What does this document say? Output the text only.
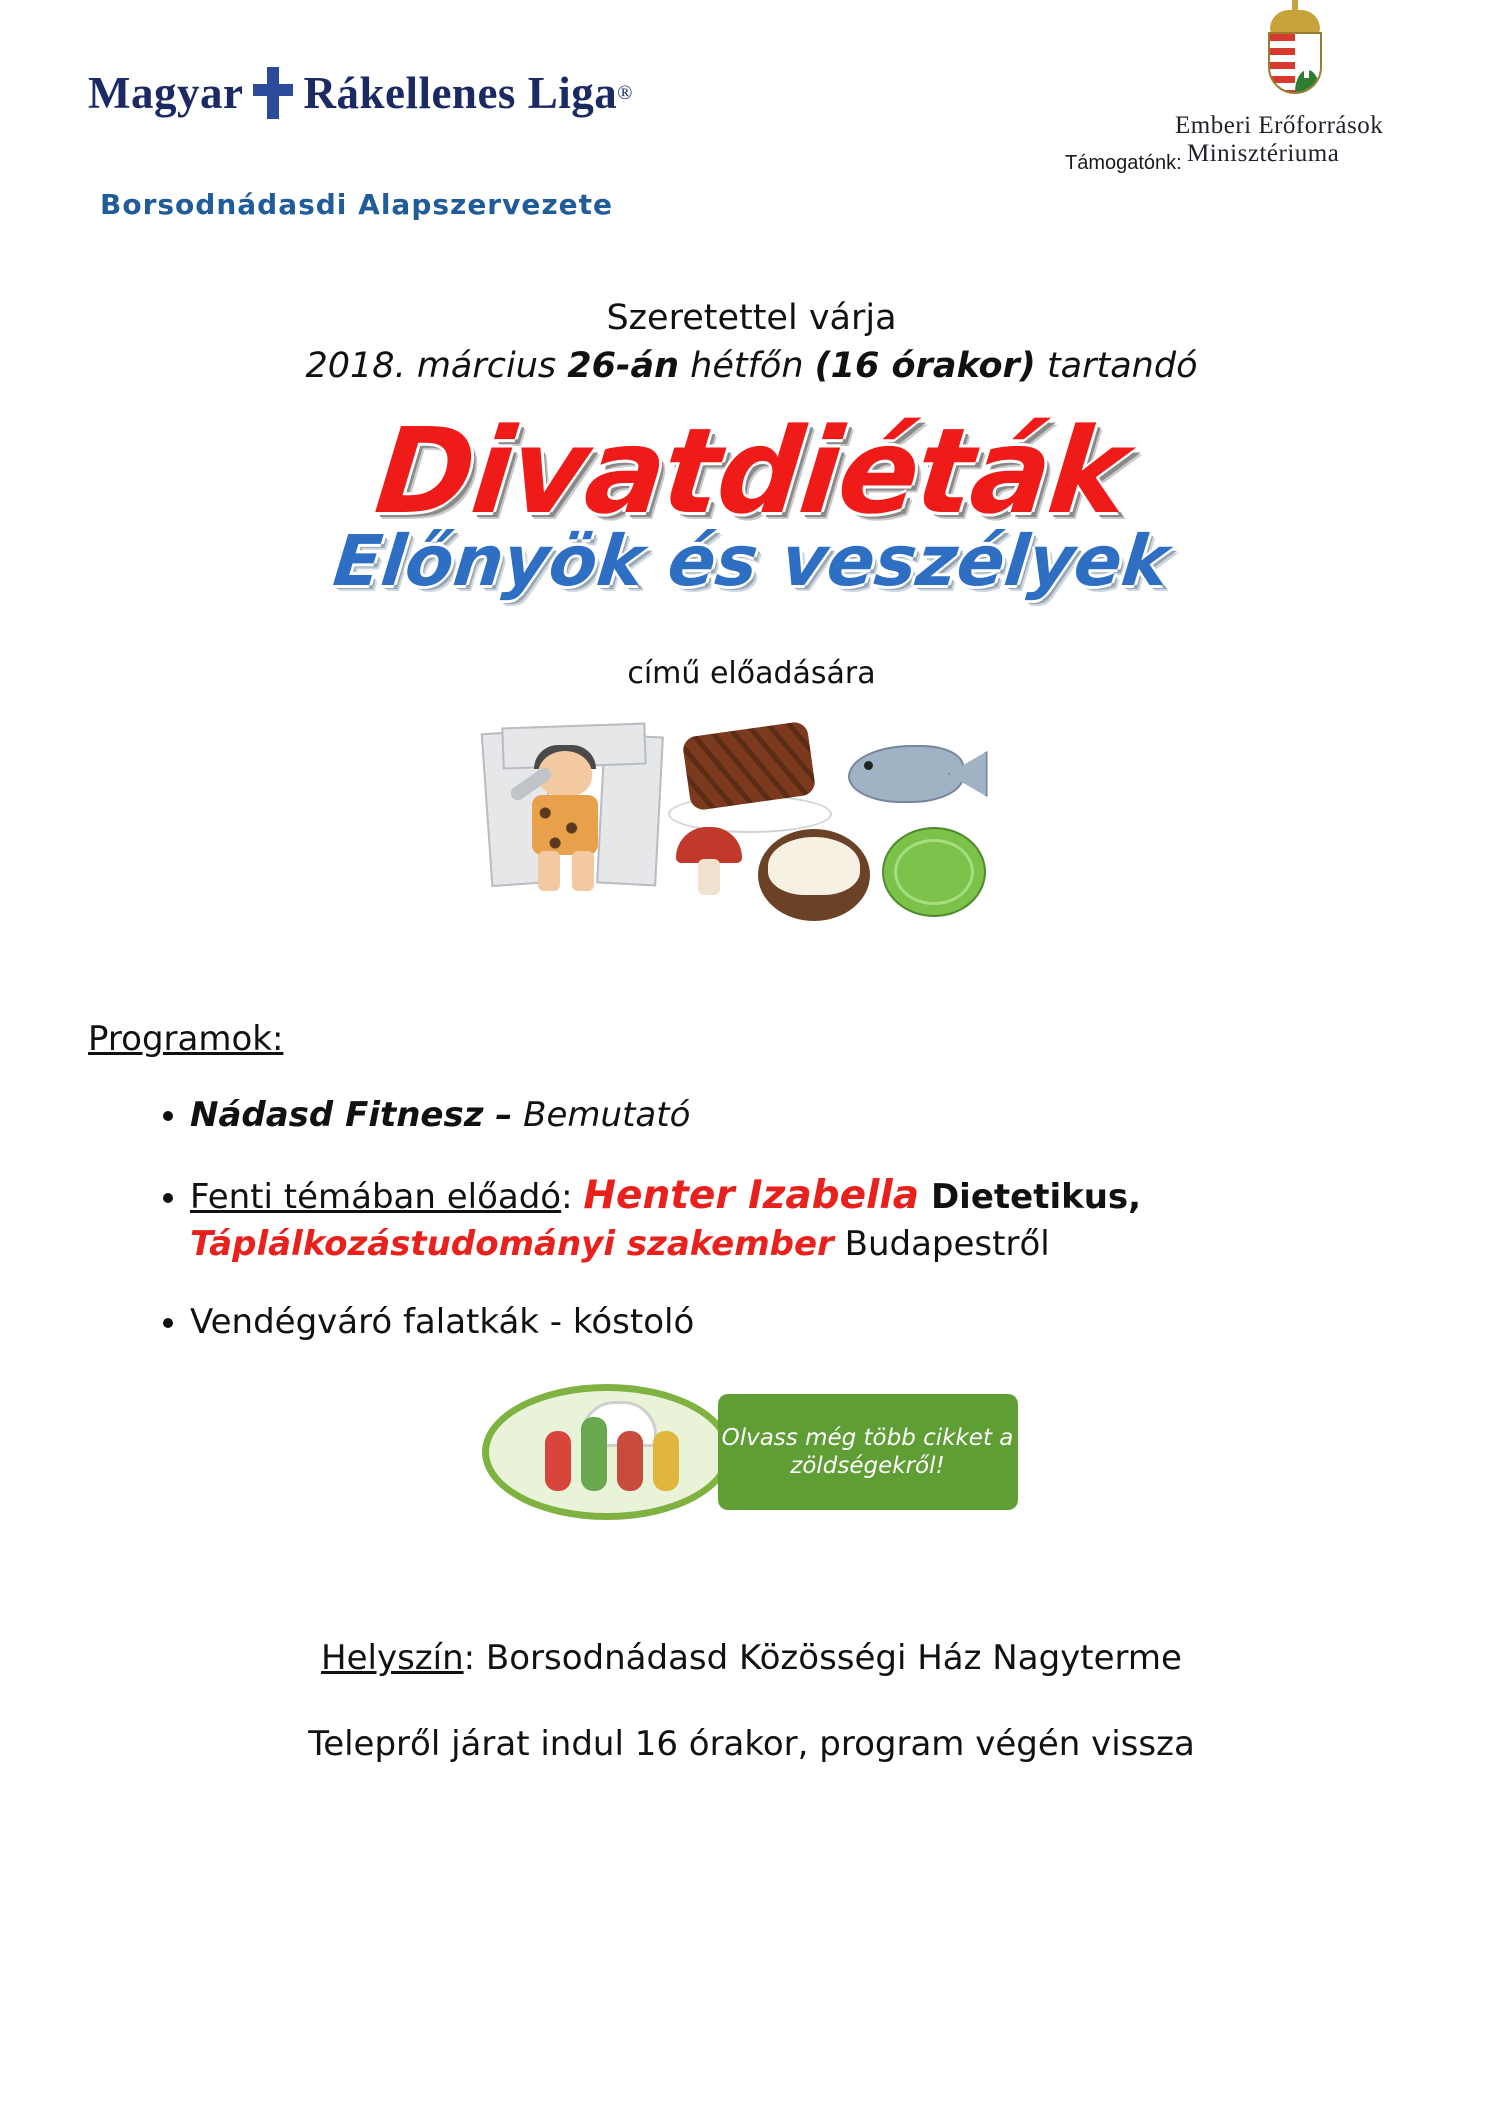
Magyar Rákellenes Liga ®
Borsodnádasdi Alapszervezete
Támogatónk:
Emberi Erőforrások
Minisztériuma
Szeretettel várja
2018. március 26-án hétfőn (16 órakor) tartandó
Divatdiéták Előnyök és veszélyek
című előadására
Programok:
• Nádasd Fitnesz – Bemutató
• Fenti témában előadó: Henter Izabella Dietetikus,
Táplálkozástudományi szakember Budapestről
• Vendégváró falatkák - kóstoló
Olvass még több cikket a zöldségekről!
Helyszín: Borsodnádasd Közösségi Ház Nagyterme
Telepről járat indul 16 órakor, program végén vissza
